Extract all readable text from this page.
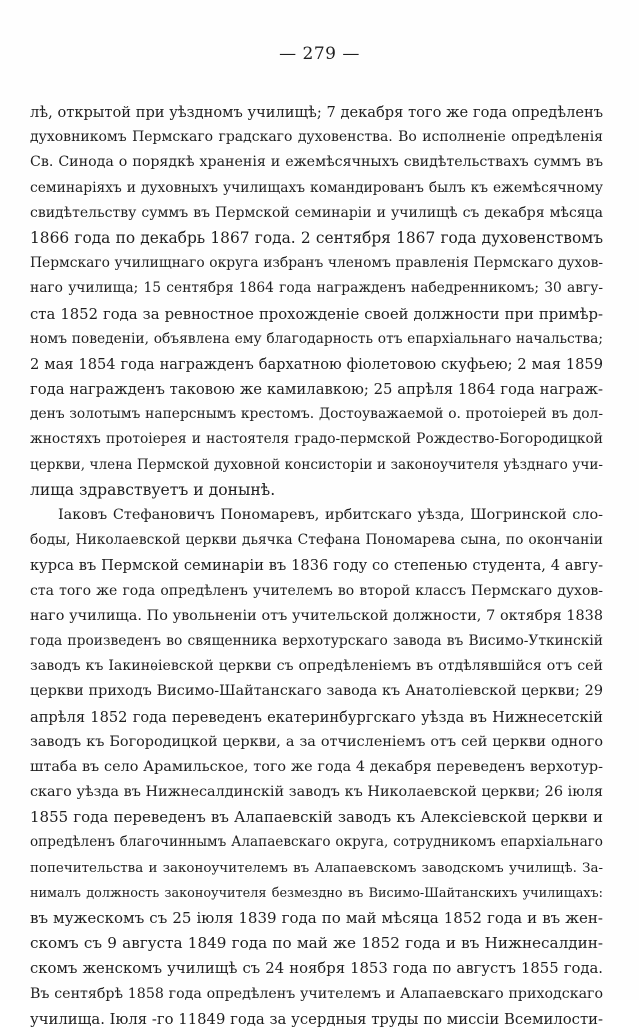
— 279 —
лѣ, открытой при уѣздномъ училищѣ; 7 декабря того же года опредѣленъ
духовникомъ Пермскаго градскаго духовенства. Во исполненіе опредѣленія
Св. Синода о порядкѣ храненія и ежемѣсячныхъ свидѣтельствахъ суммъ въ
семинаріяхъ и духовныхъ училищахъ командированъ былъ къ ежемѣсячному
свидѣтельству суммъ въ Пермской семинаріи и училищѣ съ декабря мѣсяца
1866 года по декабрь 1867 года. 2 сентября 1867 года духовенствомъ
Пермскаго училищнаго округа избранъ членомъ правленія Пермскаго духов-
наго училища; 15 сентября 1864 года награжденъ набедренникомъ; 30 авгу-
ста 1852 года за ревностное прохожденіе своей должности при примѣр-
номъ поведеніи, объявлена ему благодарность отъ епархіальнаго начальства;
2 мая 1854 года награжденъ бархатною фіолетовою скуфьею; 2 мая 1859
года награжденъ таковою же камилавкою; 25 апрѣля 1864 года награж-
денъ золотымъ наперснымъ крестомъ. Достоуважаемой о. протоіерей въ дол-
жностяхъ протоіерея и настоятеля градо-пермской Рождество-Богородицкой
церкви, члена Пермской духовной консисторіи и законоучителя уѣзднаго учи-
лища здравствуетъ и донынѣ.
Іаковъ Стефановичъ Пономаревъ, ирбитскаго уѣзда, Шогринской сло-
боды, Николаевской церкви дьячка Стефана Пономарева сына, по окончаніи
курса въ Пермской семинаріи въ 1836 году со степенью студента, 4 авгу-
ста того же года опредѣленъ учителемъ во второй классъ Пермскаго духов-
наго училища. По увольненіи отъ учительской должности, 7 октября 1838
года произведенъ во священника верхотурскаго завода въ Висимо-Уткинскій
заводъ къ Іакинѳіевской церкви съ опредѣленіемъ въ отдѣлявшійся отъ сей
церкви приходъ Висимо-Шайтанскаго завода къ Анатоліевской церкви; 29
апрѣля 1852 года переведенъ екатеринбургскаго уѣзда въ Нижнесетскій
заводъ къ Богородицкой церкви, а за отчисленіемъ отъ сей церкви одного
штаба въ село Арамильское, того же года 4 декабря переведенъ верхотур-
скаго уѣзда въ Нижнесалдинскій заводъ къ Николаевской церкви; 26 іюля
1855 года переведенъ въ Алапаевскій заводъ къ Алексіевской церкви и
опредѣленъ благочиннымъ Алапаевскаго округа, сотрудникомъ епархіальнаго
попечительства и законоучителемъ въ Алапаевскомъ заводскомъ училищѣ. За-
нималъ должность законоучителя безмездно въ Висимо-Шайтанскихъ училищахъ:
въ мужескомъ съ 25 іюля 1839 года по май мѣсяца 1852 года и въ жен-
скомъ съ 9 августа 1849 года по май же 1852 года и въ Нижнесалдин-
скомъ женскомъ училищѣ съ 24 ноября 1853 года по августъ 1855 года.
Въ сентябрѣ 1858 года опредѣленъ учителемъ и Алапаевскаго приходскаго
училища. Іюля -го 11849 года за усердныя труды по миссіи Всемилости-
